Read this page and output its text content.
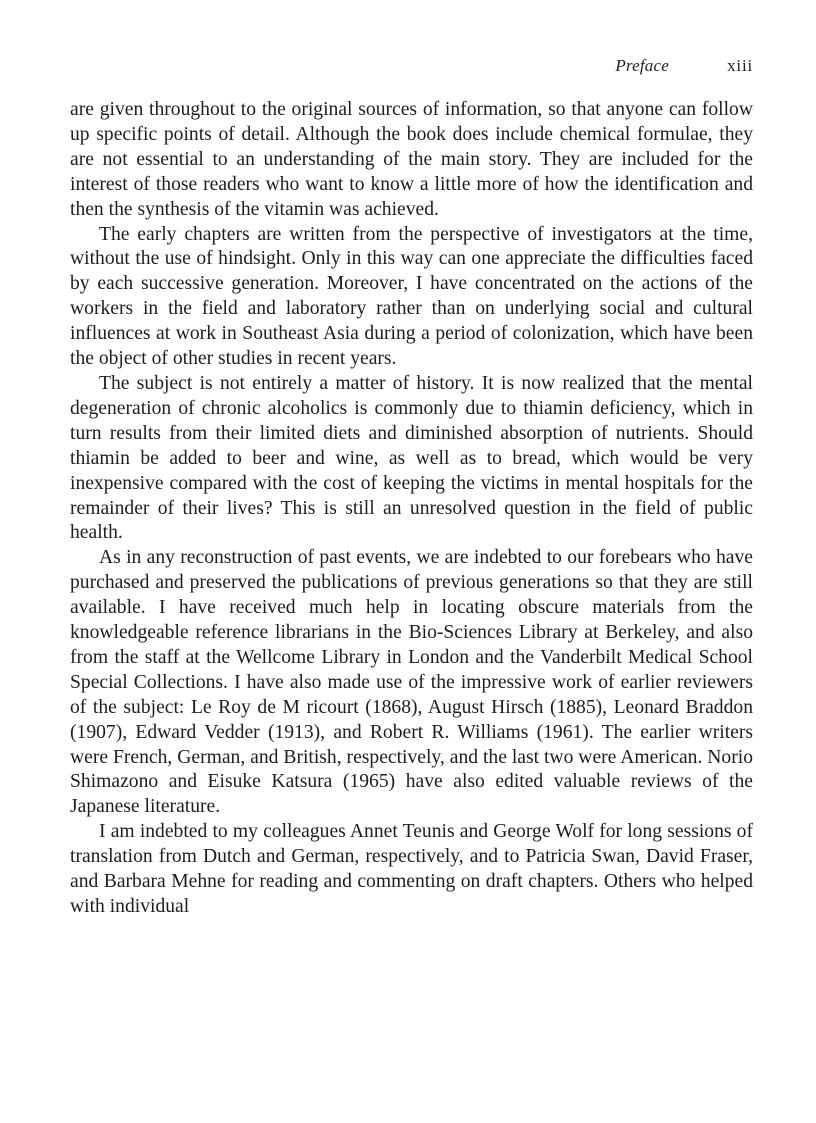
Preface	xiii

are given throughout to the original sources of information, so that anyone can follow up specific points of detail. Although the book does include chemical formulae, they are not essential to an understanding of the main story. They are included for the interest of those readers who want to know a little more of how the identification and then the synthesis of the vitamin was achieved.

The early chapters are written from the perspective of investigators at the time, without the use of hindsight. Only in this way can one appreciate the difficulties faced by each successive generation. Moreover, I have concentrated on the actions of the workers in the field and laboratory rather than on underlying social and cultural influences at work in Southeast Asia during a period of colonization, which have been the object of other studies in recent years.

The subject is not entirely a matter of history. It is now realized that the mental degeneration of chronic alcoholics is commonly due to thiamin deficiency, which in turn results from their limited diets and diminished absorption of nutrients. Should thiamin be added to beer and wine, as well as to bread, which would be very inexpensive compared with the cost of keeping the victims in mental hospitals for the remainder of their lives? This is still an unresolved question in the field of public health.

As in any reconstruction of past events, we are indebted to our forebears who have purchased and preserved the publications of previous generations so that they are still available. I have received much help in locating obscure materials from the knowledgeable reference librarians in the Bio-Sciences Library at Berkeley, and also from the staff at the Wellcome Library in London and the Vanderbilt Medical School Special Collections. I have also made use of the impressive work of earlier reviewers of the subject: Le Roy de M ricourt (1868), August Hirsch (1885), Leonard Braddon (1907), Edward Vedder (1913), and Robert R. Williams (1961). The earlier writers were French, German, and British, respectively, and the last two were American. Norio Shimazono and Eisuke Katsura (1965) have also edited valuable reviews of the Japanese literature.

I am indebted to my colleagues Annet Teunis and George Wolf for long sessions of translation from Dutch and German, respectively, and to Patricia Swan, David Fraser, and Barbara Mehne for reading and commenting on draft chapters. Others who helped with individual
